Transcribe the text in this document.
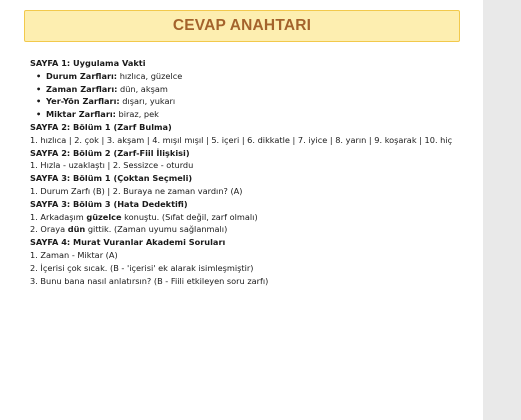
CEVAP ANAHTARI
SAYFA 1: Uygulama Vakti
• Durum Zarfları: hızlıca, güzelce
• Zaman Zarfları: dün, akşam
• Yer-Yön Zarfları: dışarı, yukarı
• Miktar Zarfları: biraz, pek
SAYFA 2: Bölüm 1 (Zarf Bulma)
1. hızlıca | 2. çok | 3. akşam | 4. mışıl mışıl | 5. içeri | 6. dikkatle | 7. iyice | 8. yarın | 9. koşarak | 10. hiç
SAYFA 2: Bölüm 2 (Zarf-Fiil İlişkisi)
1. Hızla - uzaklaştı | 2. Sessizce - oturdu
SAYFA 3: Bölüm 1 (Çoktan Seçmeli)
1. Durum Zarfı (B) | 2. Buraya ne zaman vardın? (A)
SAYFA 3: Bölüm 3 (Hata Dedektifi)
1. Arkadaşım güzelce konuştu. (Sıfat değil, zarf olmalı)
2. Oraya dün gittik. (Zaman uyumu sağlanmalı)
SAYFA 4: Murat Vuranlar Akademi Soruları
1. Zaman - Miktar (A)
2. İçerisi çok sıcak. (B - 'içerisi' ek alarak isimleşmiştir)
3. Bunu bana nasıl anlatırsın? (B - Fiili etkileyen soru zarfı)
